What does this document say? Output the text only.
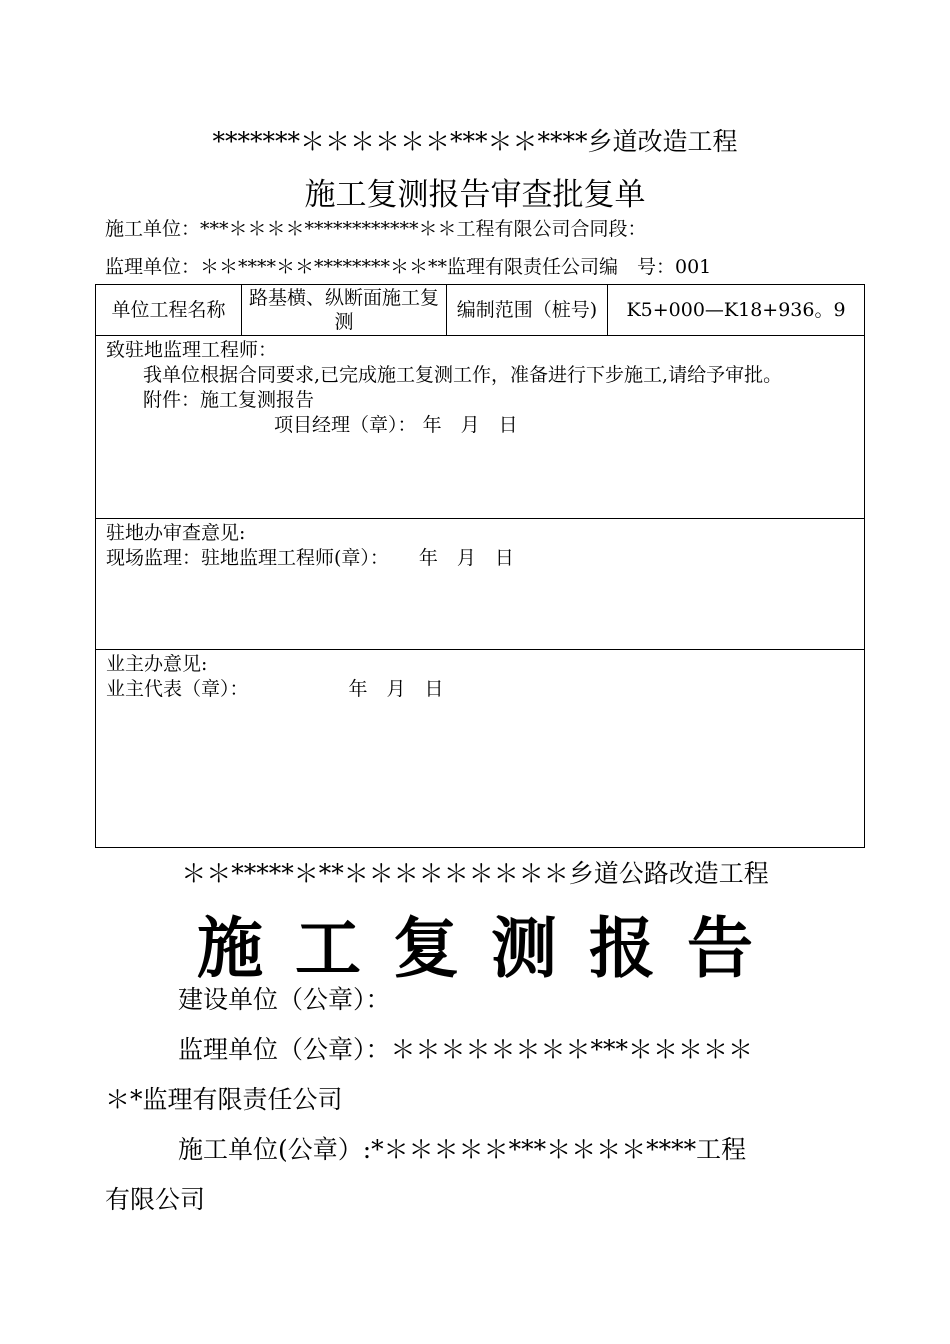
*******＊＊＊＊＊＊***＊＊****乡道改造工程
施工复测报告审查批复单
施工单位：***＊＊＊＊************＊＊工程有限公司合同段：
监理单位：＊＊****＊＊********＊＊**监理有限责任公司编　号：001
单位工程名称	路基横、纵断面施工复测	编制范围（桩号)	K5+000—K18+936。9

致驻地监理工程师：
我单位根据合同要求,已完成施工复测工作，准备进行下步施工,请给予审批。
附件：施工复测报告
项目经理（章）： 年　月　日

驻地办审查意见:
现场监理：驻地监理工程师(章）： 年　月　日

业主办意见:
业主代表（章）：	年　月　日
＊＊*****＊**＊＊＊＊＊＊＊＊＊乡道公路改造工程
施工复测报告
建设单位（公章）：
监理单位（公章）：＊＊＊＊＊＊＊＊***＊＊＊＊＊
＊*监理有限责任公司
施工单位(公章）:*＊＊＊＊＊***＊＊＊＊****工程
有限公司
